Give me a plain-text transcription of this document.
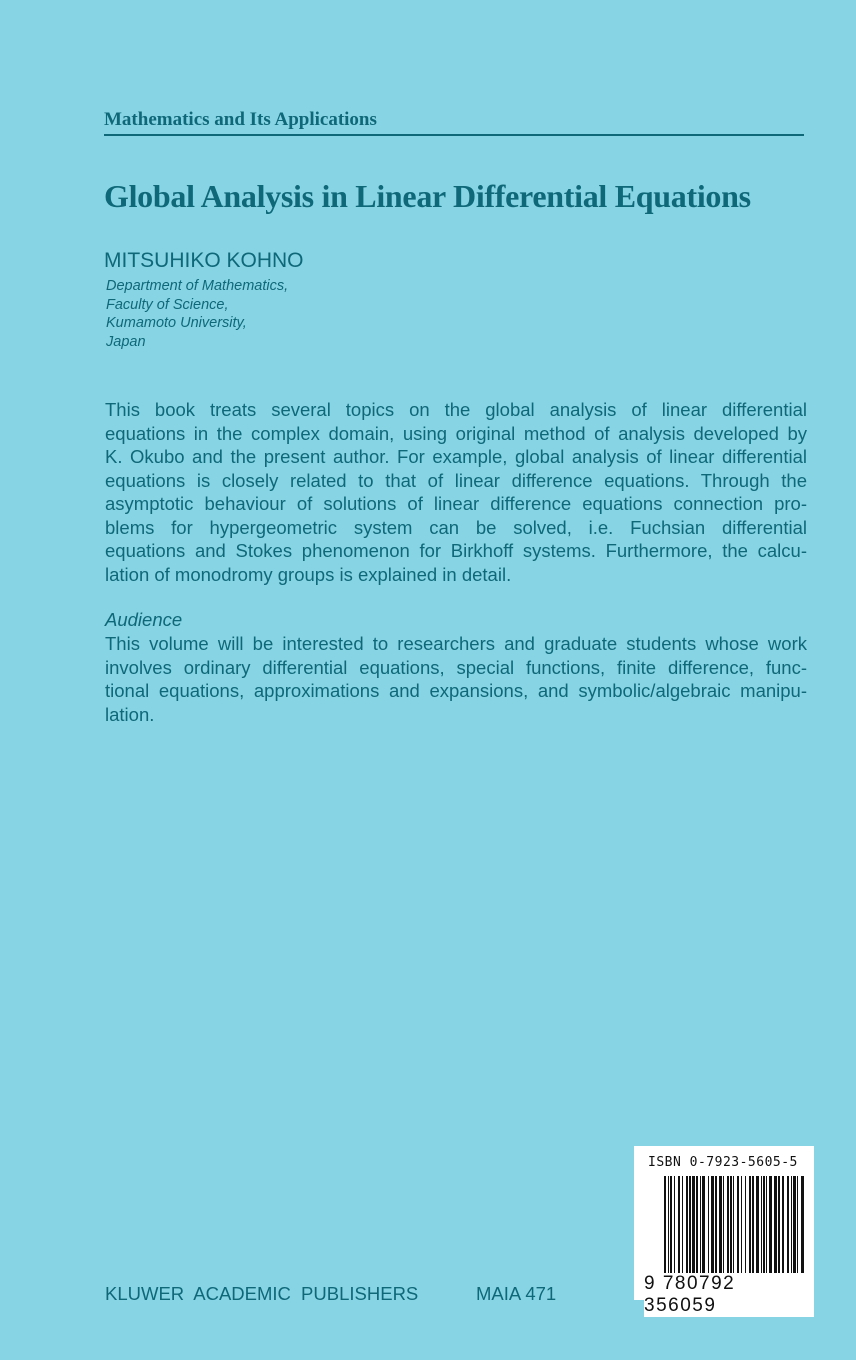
Mathematics and Its Applications
Global Analysis in Linear Differential Equations
MITSUHIKO KOHNO
Department of Mathematics,
Faculty of Science,
Kumamoto University,
Japan
This book treats several topics on the global analysis of linear differential
equations in the complex domain, using original method of analysis developed by
K. Okubo and the present author. For example, global analysis of linear differential
equations is closely related to that of linear difference equations. Through the
asymptotic behaviour of solutions of linear difference equations connection pro-
blems for hypergeometric system can be solved, i.e. Fuchsian differential
equations and Stokes phenomenon for Birkhoff systems. Furthermore, the calcu-
lation of monodromy groups is explained in detail.
Audience
This volume will be interested to researchers and graduate students whose work
involves ordinary differential equations, special functions, finite difference, func-
tional equations, approximations and expansions, and symbolic/algebraic manipu-
lation.
KLUWER ACADEMIC PUBLISHERS	MAIA 471
ISBN 0-7923-5605-5
9 780792 356059
